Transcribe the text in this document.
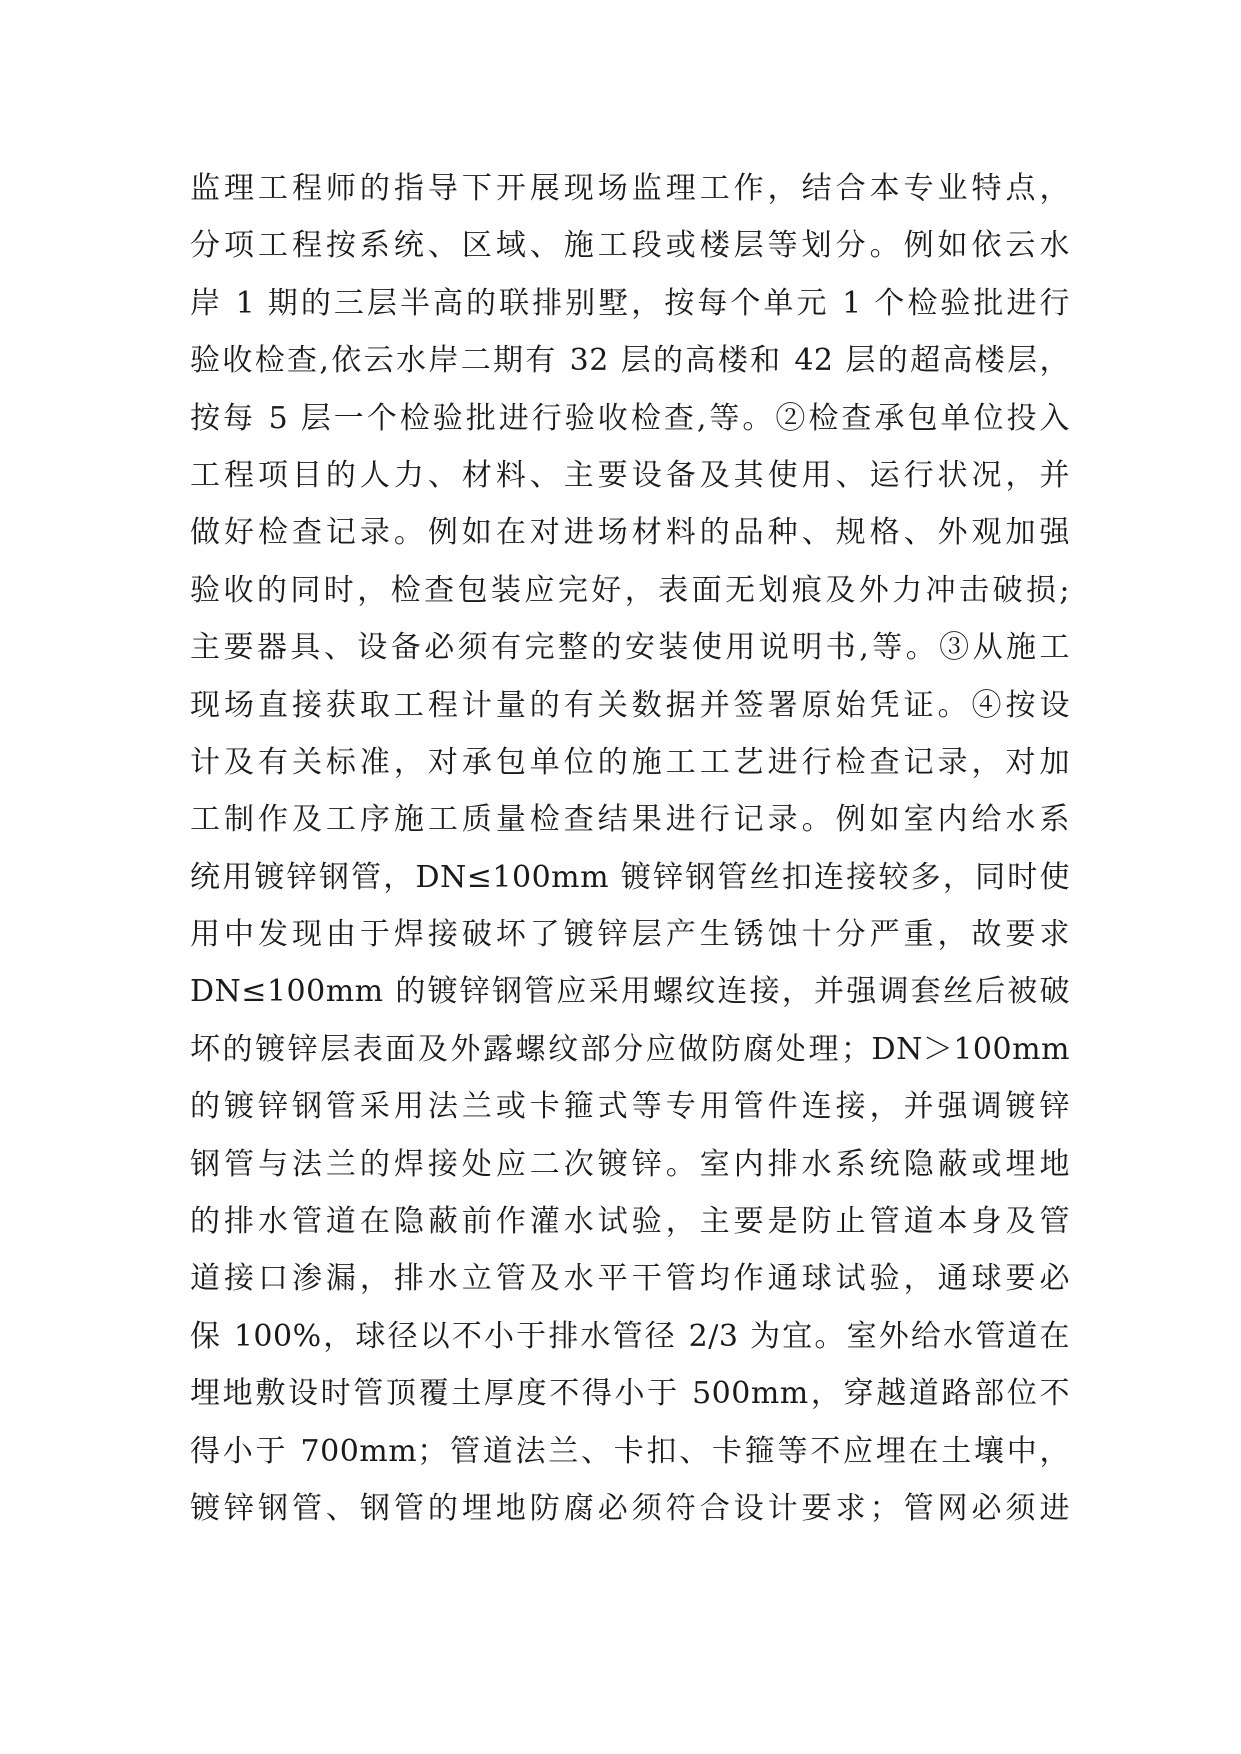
监理工程师的指导下开展现场监理工作，结合本专业特点，
分项工程按系统、区域、施工段或楼层等划分。例如依云水
岸 1 期的三层半高的联排别墅，按每个单元 1 个检验批进行
验收检查,依云水岸二期有 32 层的高楼和 42 层的超高楼层，
按每 5 层一个检验批进行验收检查,等。②检查承包单位投入
工程项目的人力、材料、主要设备及其使用、运行状况，并
做好检查记录。例如在对进场材料的品种、规格、外观加强
验收的同时，检查包装应完好，表面无划痕及外力冲击破损;
主要器具、设备必须有完整的安装使用说明书,等。③从施工
现场直接获取工程计量的有关数据并签署原始凭证。④按设
计及有关标准，对承包单位的施工工艺进行检查记录，对加
工制作及工序施工质量检查结果进行记录。例如室内给水系
统用镀锌钢管，DN≤100mm 镀锌钢管丝扣连接较多，同时使
用中发现由于焊接破坏了镀锌层产生锈蚀十分严重，故要求
DN≤100mm 的镀锌钢管应采用螺纹连接，并强调套丝后被破
坏的镀锌层表面及外露螺纹部分应做防腐处理；DN＞100mm
的镀锌钢管采用法兰或卡箍式等专用管件连接，并强调镀锌
钢管与法兰的焊接处应二次镀锌。室内排水系统隐蔽或埋地
的排水管道在隐蔽前作灌水试验，主要是防止管道本身及管
道接口渗漏，排水立管及水平干管均作通球试验，通球要必
保 100%，球径以不小于排水管径 2/3 为宜。室外给水管道在
埋地敷设时管顶覆土厚度不得小于 500mm，穿越道路部位不
得小于 700mm；管道法兰、卡扣、卡箍等不应埋在土壤中，
镀锌钢管、钢管的埋地防腐必须符合设计要求；管网必须进
